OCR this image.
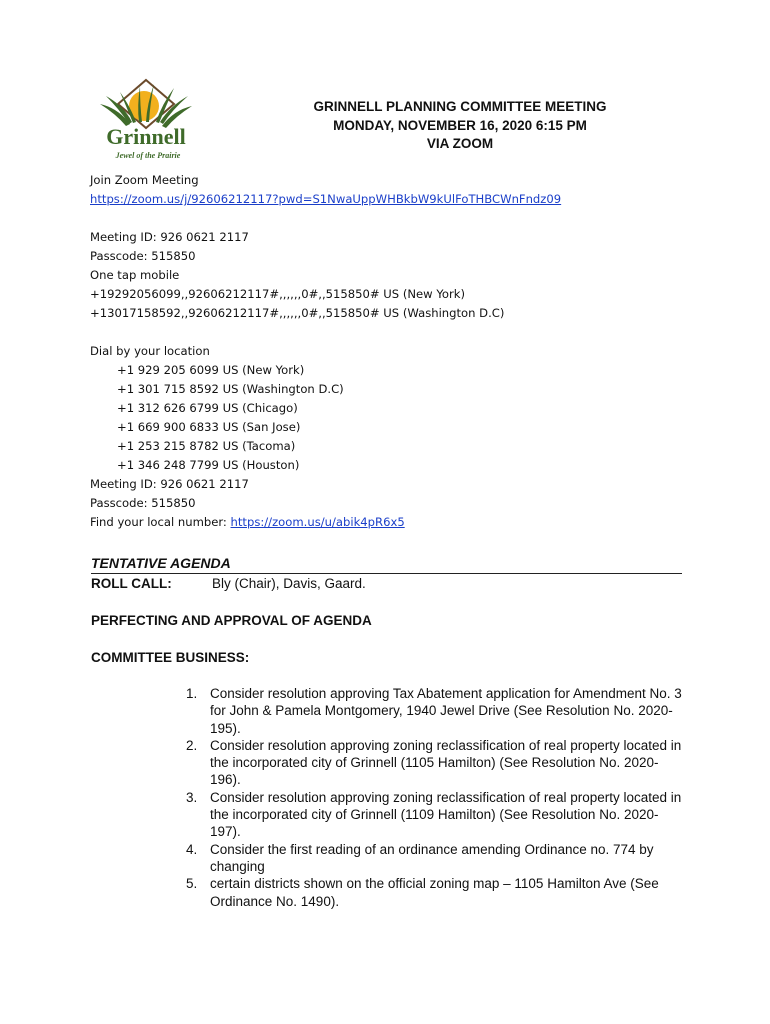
Grinnell
Jewel of the Prairie
GRINNELL PLANNING COMMITTEE MEETING
MONDAY, NOVEMBER 16, 2020 6:15 PM
VIA ZOOM
Join Zoom Meeting
https://zoom.us/j/92606212117?pwd=S1NwaUppWHBkbW9kUlFoTHBCWnFndz09
Meeting ID: 926 0621 2117
Passcode: 515850
One tap mobile
+19292056099,,92606212117#,,,,,,0#,,515850# US (New York)
+13017158592,,92606212117#,,,,,,0#,,515850# US (Washington D.C)
Dial by your location
+1 929 205 6099 US (New York)
+1 301 715 8592 US (Washington D.C)
+1 312 626 6799 US (Chicago)
+1 669 900 6833 US (San Jose)
+1 253 215 8782 US (Tacoma)
+1 346 248 7799 US (Houston)
Meeting ID: 926 0621 2117
Passcode: 515850
Find your local number: https://zoom.us/u/abik4pR6x5
TENTATIVE AGENDA
ROLL CALL:	Bly (Chair), Davis, Gaard.
PERFECTING AND APPROVAL OF AGENDA
COMMITTEE BUSINESS:
1. Consider resolution approving Tax Abatement application for Amendment No. 3 for John & Pamela Montgomery, 1940 Jewel Drive (See Resolution No. 2020-195).
2. Consider resolution approving zoning reclassification of real property located in the incorporated city of Grinnell (1105 Hamilton) (See Resolution No. 2020-196).
3. Consider resolution approving zoning reclassification of real property located in the incorporated city of Grinnell (1109 Hamilton) (See Resolution No. 2020-197).
4. Consider the first reading of an ordinance amending Ordinance no. 774 by changing
5. certain districts shown on the official zoning map – 1105 Hamilton Ave (See Ordinance No. 1490).
